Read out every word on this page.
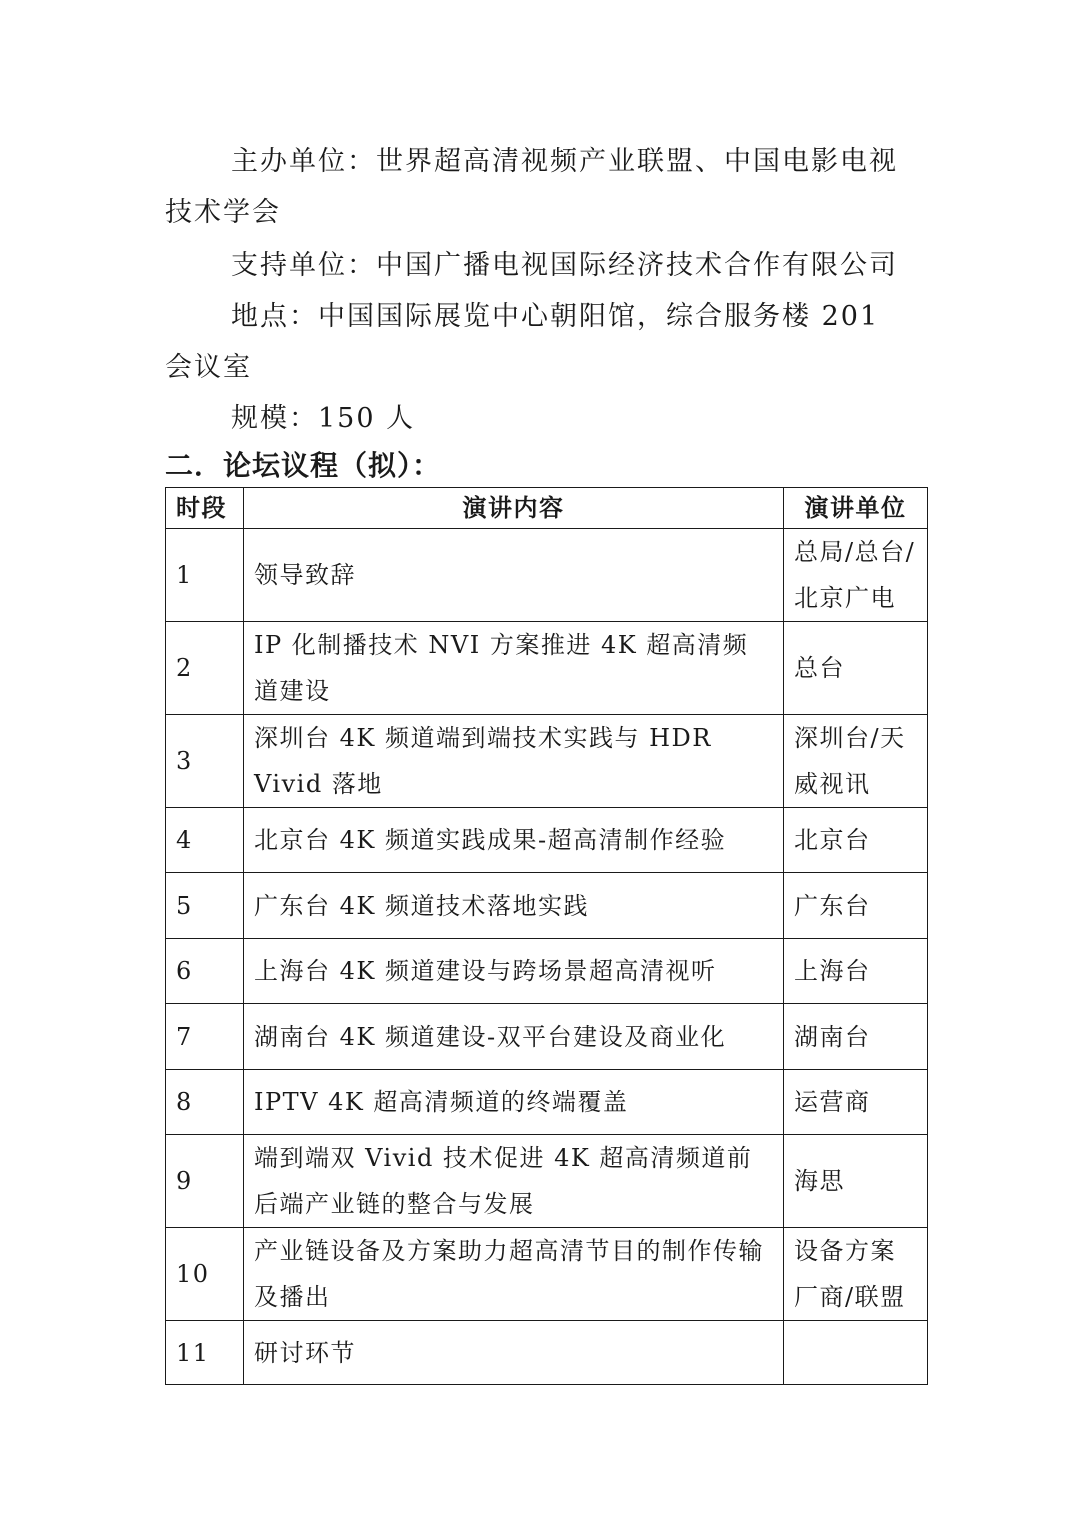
主办单位：世界超高清视频产业联盟、中国电影电视技术学会

支持单位：中国广播电视国际经济技术合作有限公司

地点：中国国际展览中心朝阳馆，综合服务楼 201 会议室

规模：150 人

二．论坛议程（拟）：
时段	演讲内容	演讲单位
1	领导致辞	总局/总台/北京广电
2	IP 化制播技术 NVI 方案推进 4K 超高清频道建设	总台
3	深圳台 4K 频道端到端技术实践与 HDR Vivid 落地	深圳台/天威视讯
4	北京台 4K 频道实践成果-超高清制作经验	北京台
5	广东台 4K 频道技术落地实践	广东台
6	上海台 4K 频道建设与跨场景超高清视听	上海台
7	湖南台 4K 频道建设-双平台建设及商业化	湖南台
8	IPTV 4K 超高清频道的终端覆盖	运营商
9	端到端双 Vivid 技术促进 4K 超高清频道前后端产业链的整合与发展	海思
10	产业链设备及方案助力超高清节目的制作传输及播出	设备方案厂商/联盟
11	研讨环节	
